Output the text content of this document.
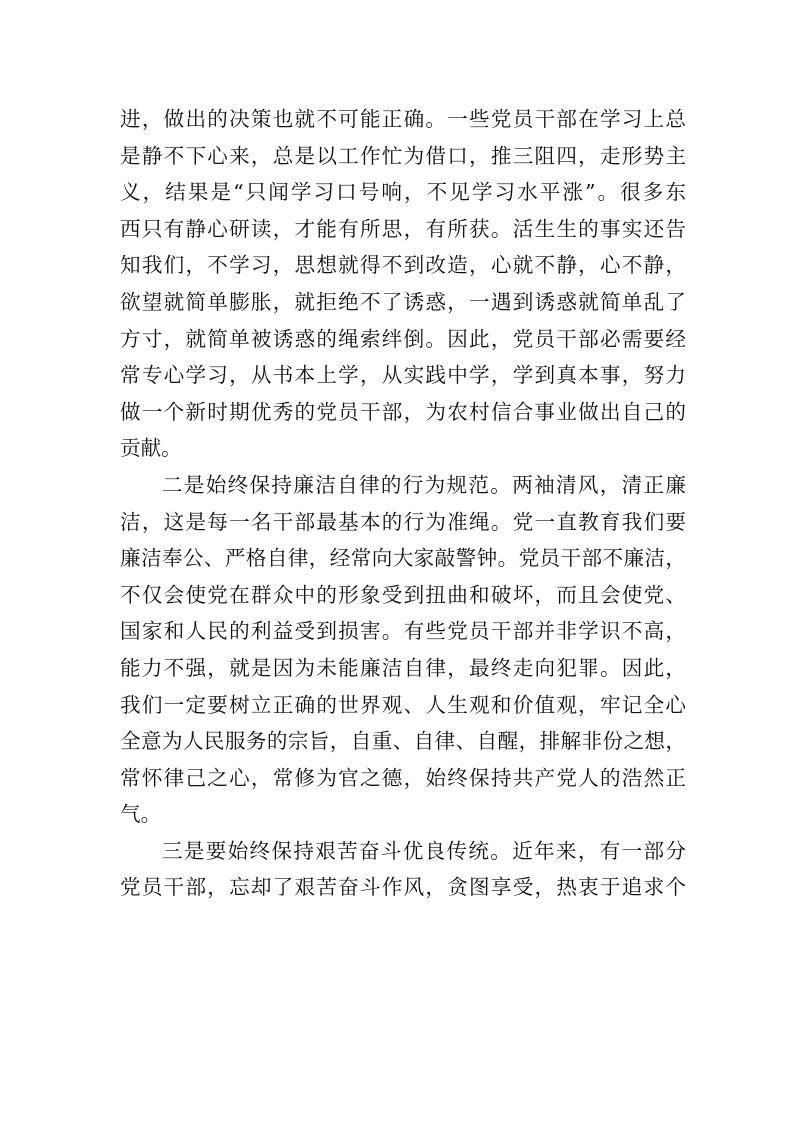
进，做出的决策也就不可能正确。一些党员干部在学习上总
是静不下心来，总是以工作忙为借口，推三阻四，走形势主
义，结果是“只闻学习口号响，不见学习水平涨”。很多东
西只有静心研读，才能有所思，有所获。活生生的事实还告
知我们，不学习，思想就得不到改造，心就不静，心不静，
欲望就简单膨胀，就拒绝不了诱惑，一遇到诱惑就简单乱了
方寸，就简单被诱惑的绳索绊倒。因此，党员干部必需要经
常专心学习，从书本上学，从实践中学，学到真本事，努力
做一个新时期优秀的党员干部，为农村信合事业做出自己的
贡献。
二是始终保持廉洁自律的行为规范。两袖清风，清正廉
洁，这是每一名干部最基本的行为准绳。党一直教育我们要
廉洁奉公、严格自律，经常向大家敲警钟。党员干部不廉洁，
不仅会使党在群众中的形象受到扭曲和破坏，而且会使党、
国家和人民的利益受到损害。有些党员干部并非学识不高，
能力不强，就是因为未能廉洁自律，最终走向犯罪。因此，
我们一定要树立正确的世界观、人生观和价值观，牢记全心
全意为人民服务的宗旨，自重、自律、自醒，排解非份之想，
常怀律己之心，常修为官之德，始终保持共产党人的浩然正
气。
三是要始终保持艰苦奋斗优良传统。近年来，有一部分
党员干部，忘却了艰苦奋斗作风，贪图享受，热衷于追求个
